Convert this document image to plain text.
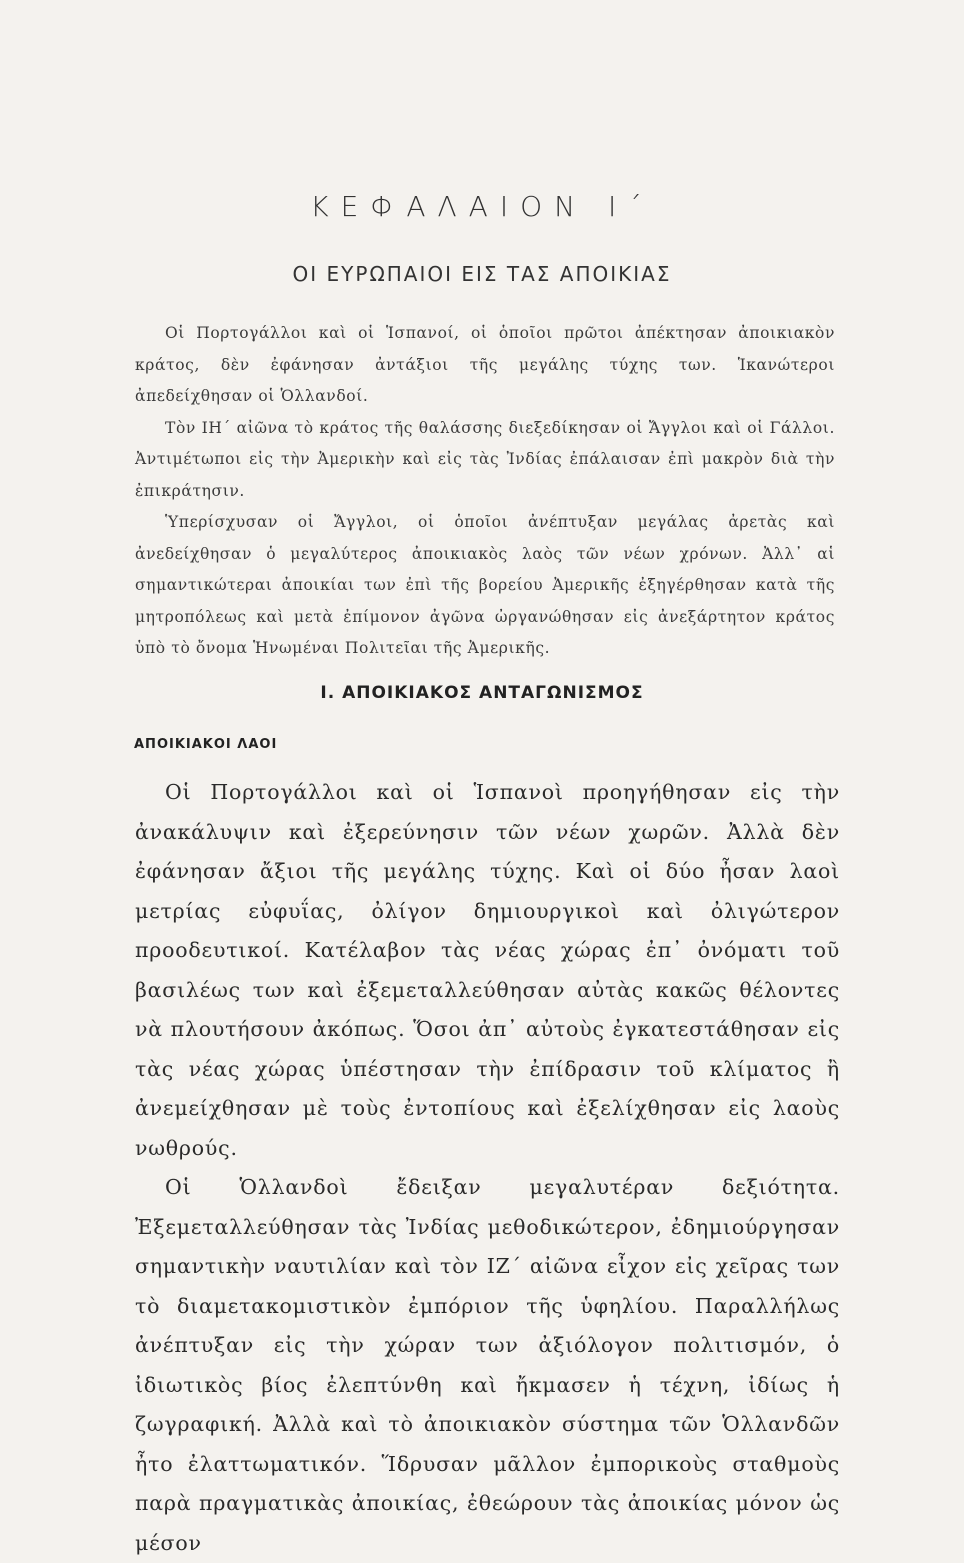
ΚΕΦΑΛΑΙΟΝ Ι΄
ΟΙ ΕΥΡΩΠΑΙΟΙ ΕΙΣ ΤΑΣ ΑΠΟΙΚΙΑΣ

Οἱ Πορτογάλλοι καὶ οἱ Ἱσπανοί, οἱ ὁποῖοι πρῶτοι ἀπέκτησαν ἀποικιακὸν κράτος, δὲν ἐφάνησαν ἀντάξιοι τῆς μεγάλης τύχης των. Ἱκανώτεροι ἀπεδείχθησαν οἱ Ὁλλανδοί.

Τὸν ΙΗ΄ αἰῶνα τὸ κράτος τῆς θαλάσσης διεξεδίκησαν οἱ Ἄγγλοι καὶ οἱ Γάλλοι. Ἀντιμέτωποι εἰς τὴν Ἀμερικὴν καὶ εἰς τὰς Ἰνδίας ἐπάλαισαν ἐπὶ μακρὸν διὰ τὴν ἐπικράτησιν.

Ὑπερίσχυσαν οἱ Ἄγγλοι, οἱ ὁποῖοι ἀνέπτυξαν μεγάλας ἀρετὰς καὶ ἀνεδείχθησαν ὁ μεγαλύτερος ἀποικιακὸς λαὸς τῶν νέων χρόνων. Ἀλλ᾽ αἱ σημαντικώτεραι ἀποικίαι των ἐπὶ τῆς βορείου Ἀμερικῆς ἐξηγέρθησαν κατὰ τῆς μητροπόλεως καὶ μετὰ ἐπίμονον ἀγῶνα ὠργανώθησαν εἰς ἀνεξάρτητον κράτος ὑπὸ τὸ ὄνομα Ἡνωμέναι Πολιτεῖαι τῆς Ἀμερικῆς.

I. ΑΠΟΙΚΙΑΚΟΣ ΑΝΤΑΓΩΝΙΣΜΟΣ
ΑΠΟΙΚΙΑΚΟΙ ΛΑΟΙ

Οἱ Πορτογάλλοι καὶ οἱ Ἱσπανοὶ προηγήθησαν εἰς τὴν ἀνακάλυψιν καὶ ἐξερεύνησιν τῶν νέων χωρῶν. Ἀλλὰ δὲν ἐφάνησαν ἄξιοι τῆς μεγάλης τύχης. Καὶ οἱ δύο ἦσαν λαοὶ μετρίας εὐφυΐας, ὀλίγον δημιουργικοὶ καὶ ὀλιγώτερον προοδευτικοί. Κατέλαβον τὰς νέας χώρας ἐπ᾽ ὀνόματι τοῦ βασιλέως των καὶ ἐξεμεταλλεύθησαν αὐτὰς κακῶς θέλοντες νὰ πλουτήσουν ἀκόπως. Ὅσοι ἀπ᾽ αὐτοὺς ἐγκατεστάθησαν εἰς τὰς νέας χώρας ὑπέστησαν τὴν ἐπίδρασιν τοῦ κλίματος ἢ ἀνεμείχθησαν μὲ τοὺς ἐντοπίους καὶ ἐξελίχθησαν εἰς λαοὺς νωθρούς.

Οἱ Ὁλλανδοὶ ἔδειξαν μεγαλυτέραν δεξιότητα. Ἐξεμεταλλεύθησαν τὰς Ἰνδίας μεθοδικώτερον, ἐδημιούργησαν σημαντικὴν ναυτιλίαν καὶ τὸν ΙΖ΄ αἰῶνα εἶχον εἰς χεῖρας των τὸ διαμετακομιστικὸν ἐμπόριον τῆς ὑφηλίου. Παραλλήλως ἀνέπτυξαν εἰς τὴν χώραν των ἀξιόλογον πολιτισμόν, ὁ ἰδιωτικὸς βίος ἐλεπτύνθη καὶ ἤκμασεν ἡ τέχνη, ἰδίως ἡ ζωγραφική. Ἀλλὰ καὶ τὸ ἀποικιακὸν σύστημα τῶν Ὁλλανδῶν ἦτο ἐλαττωματικόν. Ἵδρυσαν μᾶλλον ἐμπορικοὺς σταθμοὺς παρὰ πραγματικὰς ἀποικίας, ἐθεώρουν τὰς ἀποικίας μόνον ὡς μέσον
